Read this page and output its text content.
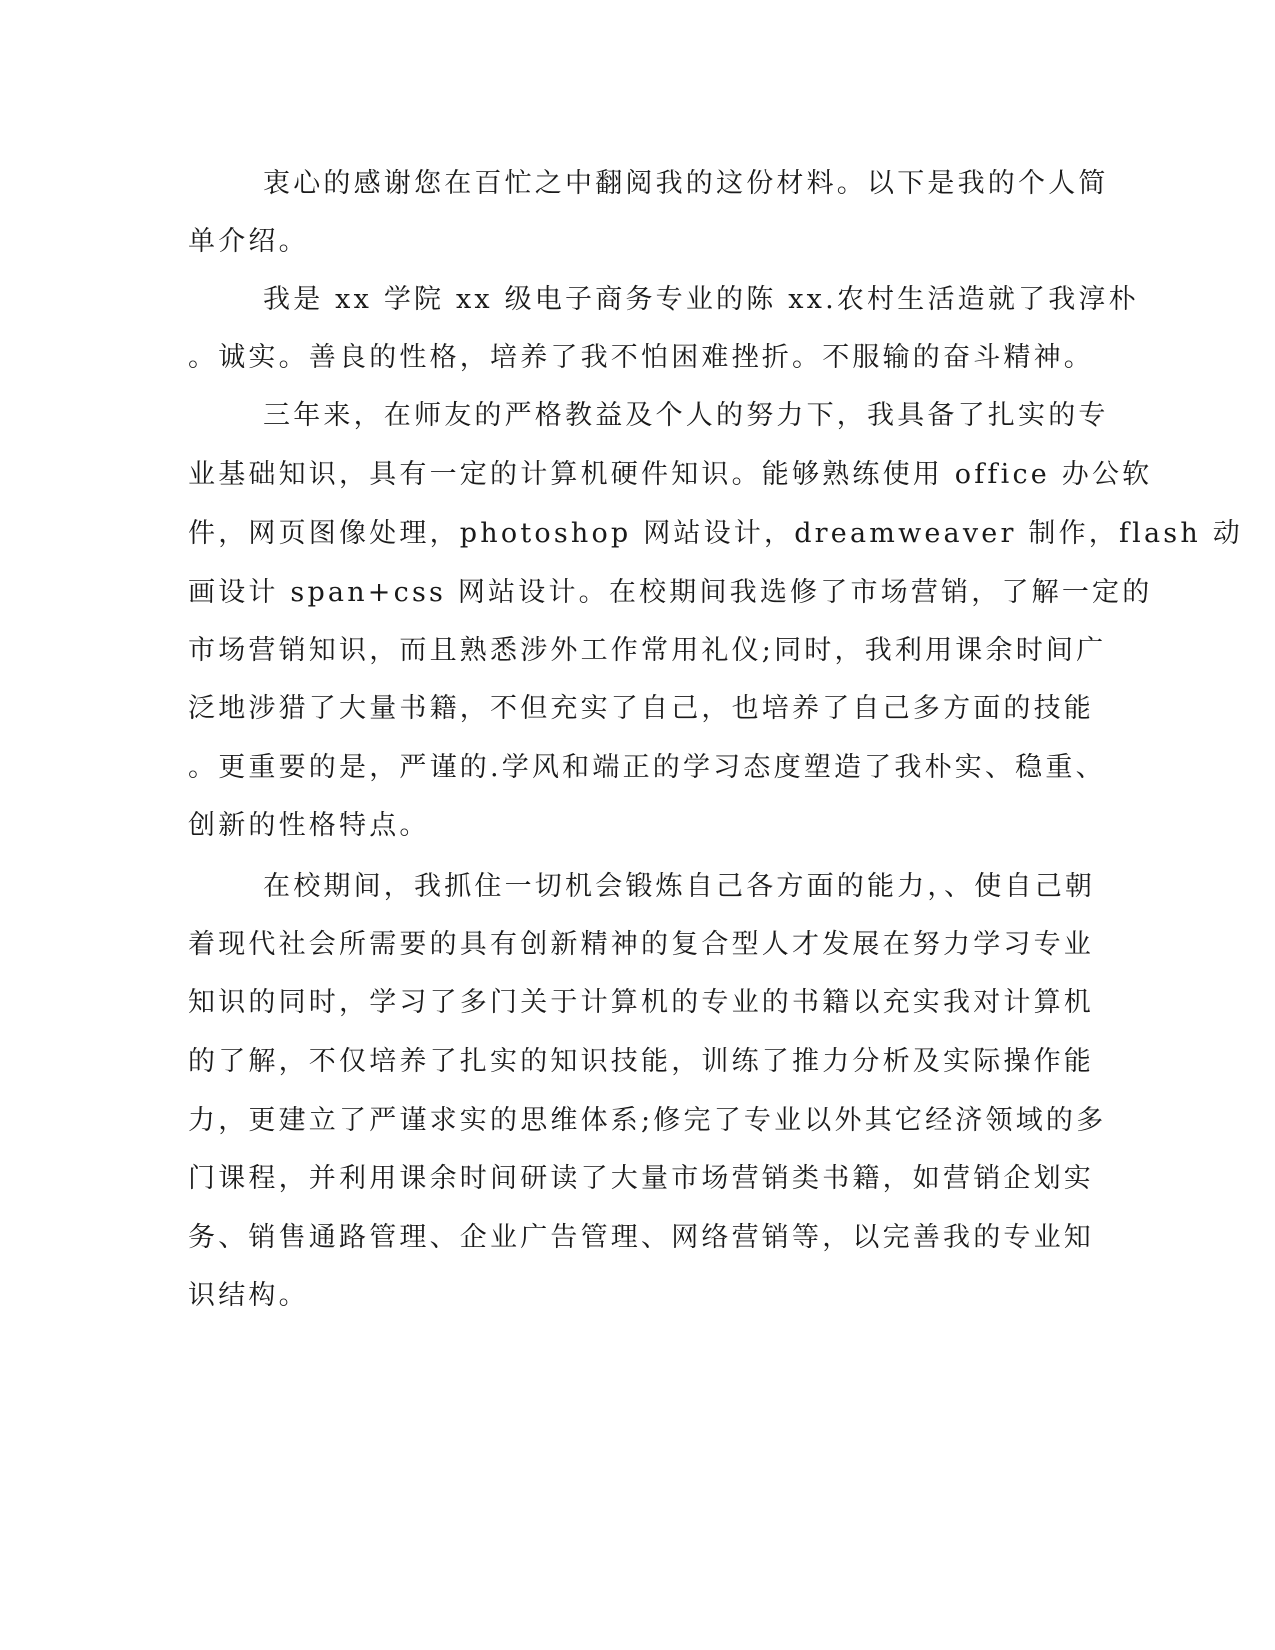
衷心的感谢您在百忙之中翻阅我的这份材料。以下是我的个人简
单介绍。
我是 xx 学院 xx 级电子商务专业的陈 xx.农村生活造就了我淳朴
。诚实。善良的性格，培养了我不怕困难挫折。不服输的奋斗精神。
三年来，在师友的严格教益及个人的努力下，我具备了扎实的专
业基础知识，具有一定的计算机硬件知识。能够熟练使用 office 办公软
件，网页图像处理，photoshop 网站设计，dreamweaver 制作，flash 动
画设计 span+css 网站设计。在校期间我选修了市场营销，了解一定的
市场营销知识，而且熟悉涉外工作常用礼仪;同时，我利用课余时间广
泛地涉猎了大量书籍，不但充实了自己，也培养了自己多方面的技能
。更重要的是，严谨的.学风和端正的学习态度塑造了我朴实、稳重、
创新的性格特点。
在校期间，我抓住一切机会锻炼自己各方面的能力，、使自己朝
着现代社会所需要的具有创新精神的复合型人才发展在努力学习专业
知识的同时，学习了多门关于计算机的专业的书籍以充实我对计算机
的了解，不仅培养了扎实的知识技能，训练了推力分析及实际操作能
力，更建立了严谨求实的思维体系;修完了专业以外其它经济领域的多
门课程，并利用课余时间研读了大量市场营销类书籍，如营销企划实
务、销售通路管理、企业广告管理、网络营销等，以完善我的专业知
识结构。
